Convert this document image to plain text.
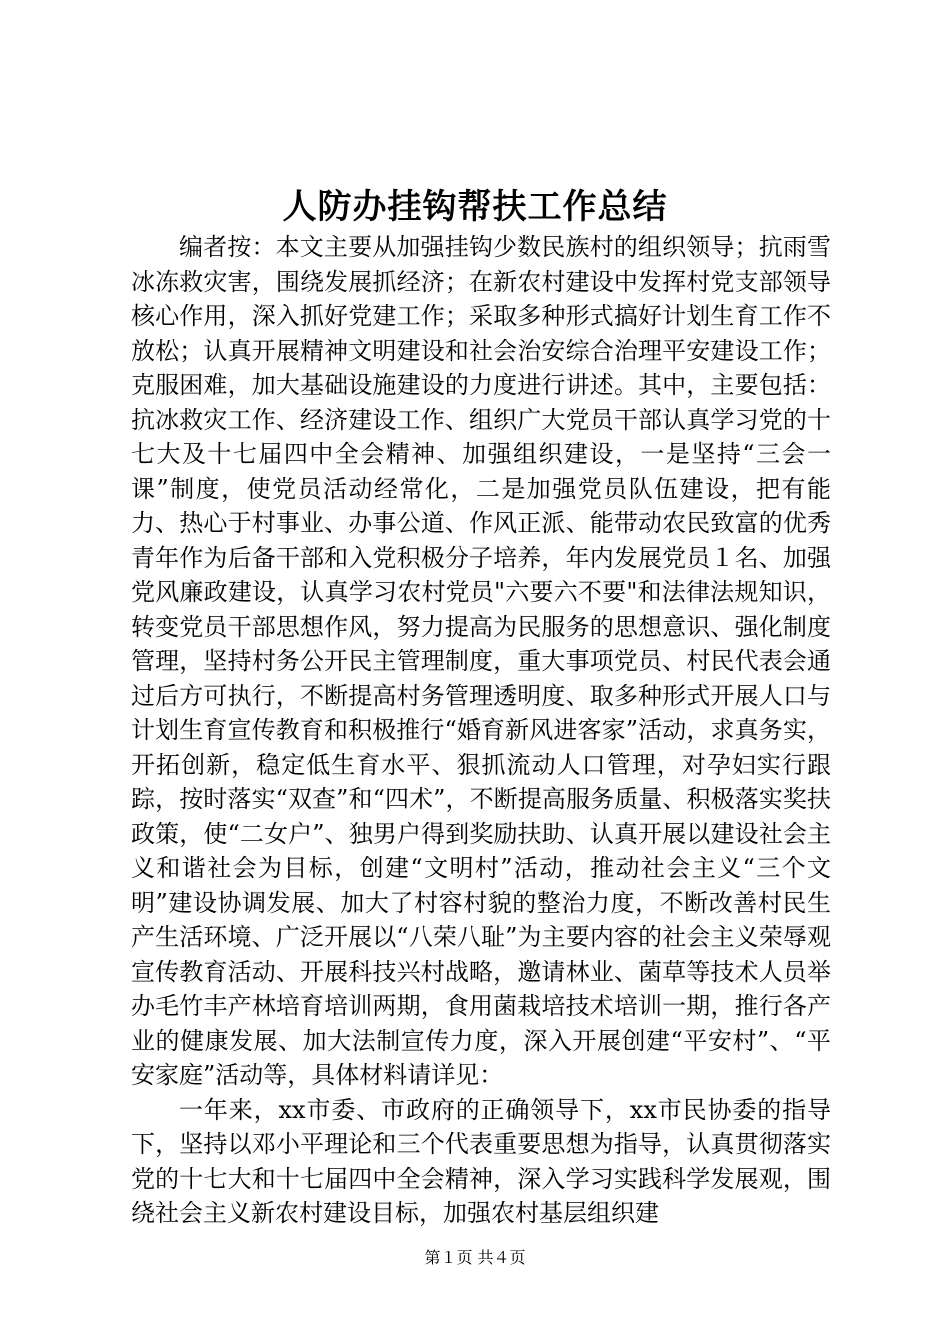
人防办挂钩帮扶工作总结

编者按：本文主要从加强挂钩少数民族村的组织领导；抗雨雪冰冻救灾害，围绕发展抓经济；在新农村建设中发挥村党支部领导核心作用，深入抓好党建工作；采取多种形式搞好计划生育工作不放松；认真开展精神文明建设和社会治安综合治理平安建设工作；克服困难，加大基础设施建设的力度进行讲述。其中，主要包括：抗冰救灾工作、经济建设工作、组织广大党员干部认真学习党的十七大及十七届四中全会精神、加强组织建设，一是坚持“三会一课”制度，使党员活动经常化，二是加强党员队伍建设，把有能力、热心于村事业、办事公道、作风正派、能带动农民致富的优秀青年作为后备干部和入党积极分子培养，年内发展党员１名、加强党风廉政建设，认真学习农村党员"六要六不要"和法律法规知识，转变党员干部思想作风，努力提高为民服务的思想意识、强化制度管理，坚持村务公开民主管理制度，重大事项党员、村民代表会通过后方可执行，不断提高村务管理透明度、取多种形式开展人口与计划生育宣传教育和积极推行“婚育新风进客家”活动，求真务实，开拓创新，稳定低生育水平、狠抓流动人口管理，对孕妇实行跟踪，按时落实“双查”和“四术”，不断提高服务质量、积极落实奖扶政策，使“二女户”、独男户得到奖励扶助、认真开展以建设社会主义和谐社会为目标，创建“文明村”活动，推动社会主义“三个文明”建设协调发展、加大了村容村貌的整治力度，不断改善村民生产生活环境、广泛开展以“八荣八耻”为主要内容的社会主义荣辱观宣传教育活动、开展科技兴村战略，邀请林业、菌草等技术人员举办毛竹丰产林培育培训两期，食用菌栽培技术培训一期，推行各产业的健康发展、加大法制宣传力度，深入开展创建“平安村”、“平安家庭”活动等，具体材料请详见：

一年来，xx市委、市政府的正确领导下，xx市民协委的指导下，坚持以邓小平理论和三个代表重要思想为指导，认真贯彻落实党的十七大和十七届四中全会精神，深入学习实践科学发展观，围绕社会主义新农村建设目标，加强农村基层组织建

第１页 共４页
